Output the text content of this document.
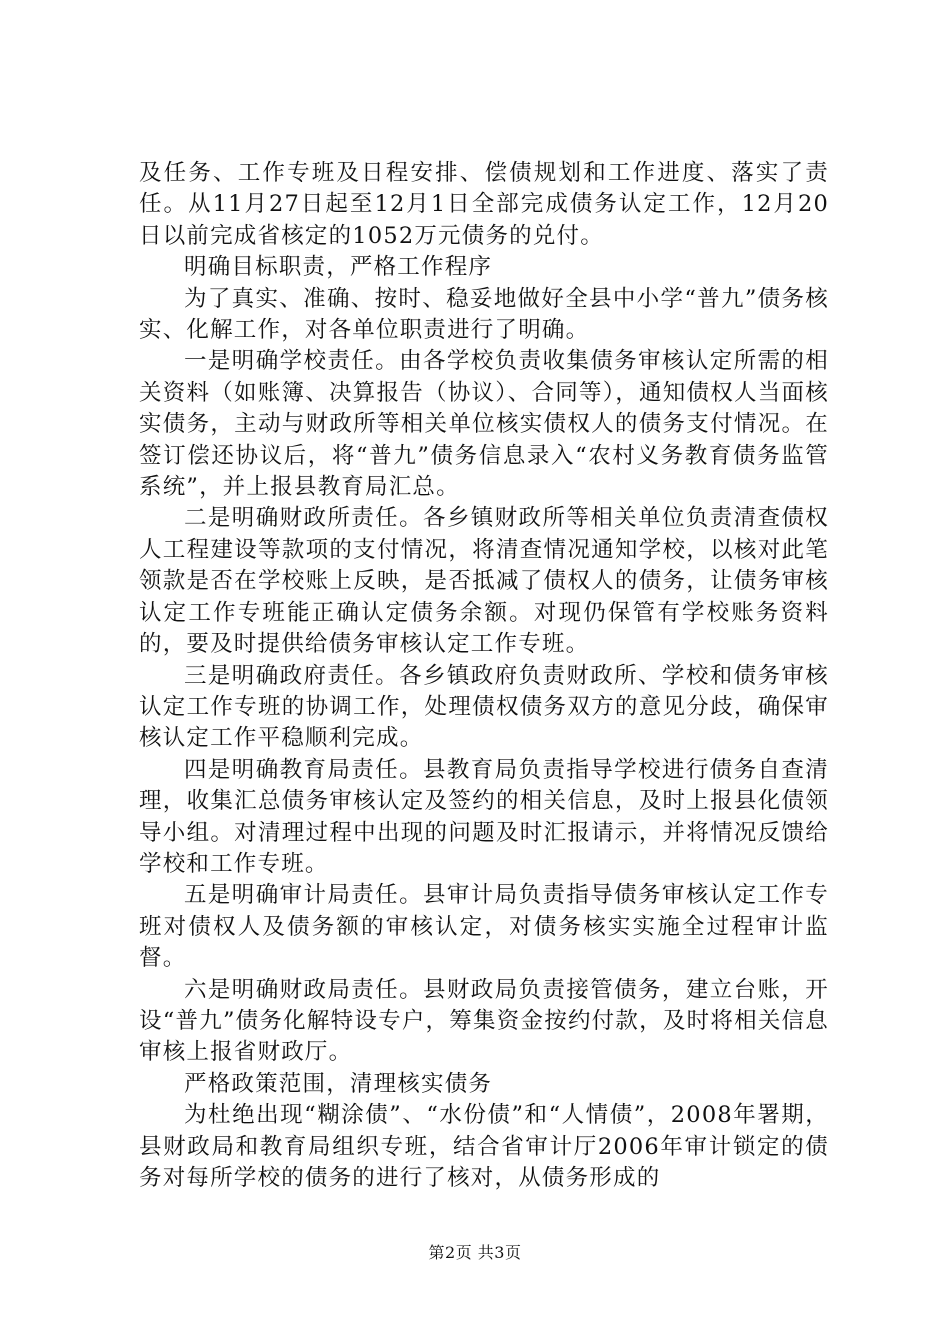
及任务、工作专班及日程安排、偿债规划和工作进度、落实了责任。从11月27日起至12月1日全部完成债务认定工作，12月20日以前完成省核定的1052万元债务的兑付。

明确目标职责，严格工作程序

为了真实、准确、按时、稳妥地做好全县中小学“普九”债务核实、化解工作，对各单位职责进行了明确。

一是明确学校责任。由各学校负责收集债务审核认定所需的相关资料（如账簿、决算报告（协议）、合同等），通知债权人当面核实债务，主动与财政所等相关单位核实债权人的债务支付情况。在签订偿还协议后，将“普九”债务信息录入“农村义务教育债务监管系统”，并上报县教育局汇总。

二是明确财政所责任。各乡镇财政所等相关单位负责清查债权人工程建设等款项的支付情况，将清查情况通知学校，以核对此笔领款是否在学校账上反映，是否抵减了债权人的债务，让债务审核认定工作专班能正确认定债务余额。对现仍保管有学校账务资料的，要及时提供给债务审核认定工作专班。

三是明确政府责任。各乡镇政府负责财政所、学校和债务审核认定工作专班的协调工作，处理债权债务双方的意见分歧，确保审核认定工作平稳顺利完成。

四是明确教育局责任。县教育局负责指导学校进行债务自查清理，收集汇总债务审核认定及签约的相关信息，及时上报县化债领导小组。对清理过程中出现的问题及时汇报请示，并将情况反馈给学校和工作专班。

五是明确审计局责任。县审计局负责指导债务审核认定工作专班对债权人及债务额的审核认定，对债务核实实施全过程审计监督。

六是明确财政局责任。县财政局负责接管债务，建立台账，开设“普九”债务化解特设专户，筹集资金按约付款，及时将相关信息审核上报省财政厅。

严格政策范围，清理核实债务

为杜绝出现“糊涂债”、“水份债”和“人情债”，2008年署期，县财政局和教育局组织专班，结合省审计厅2006年审计锁定的债务对每所学校的债务的进行了核对，从债务形成的

第2页 共3页
